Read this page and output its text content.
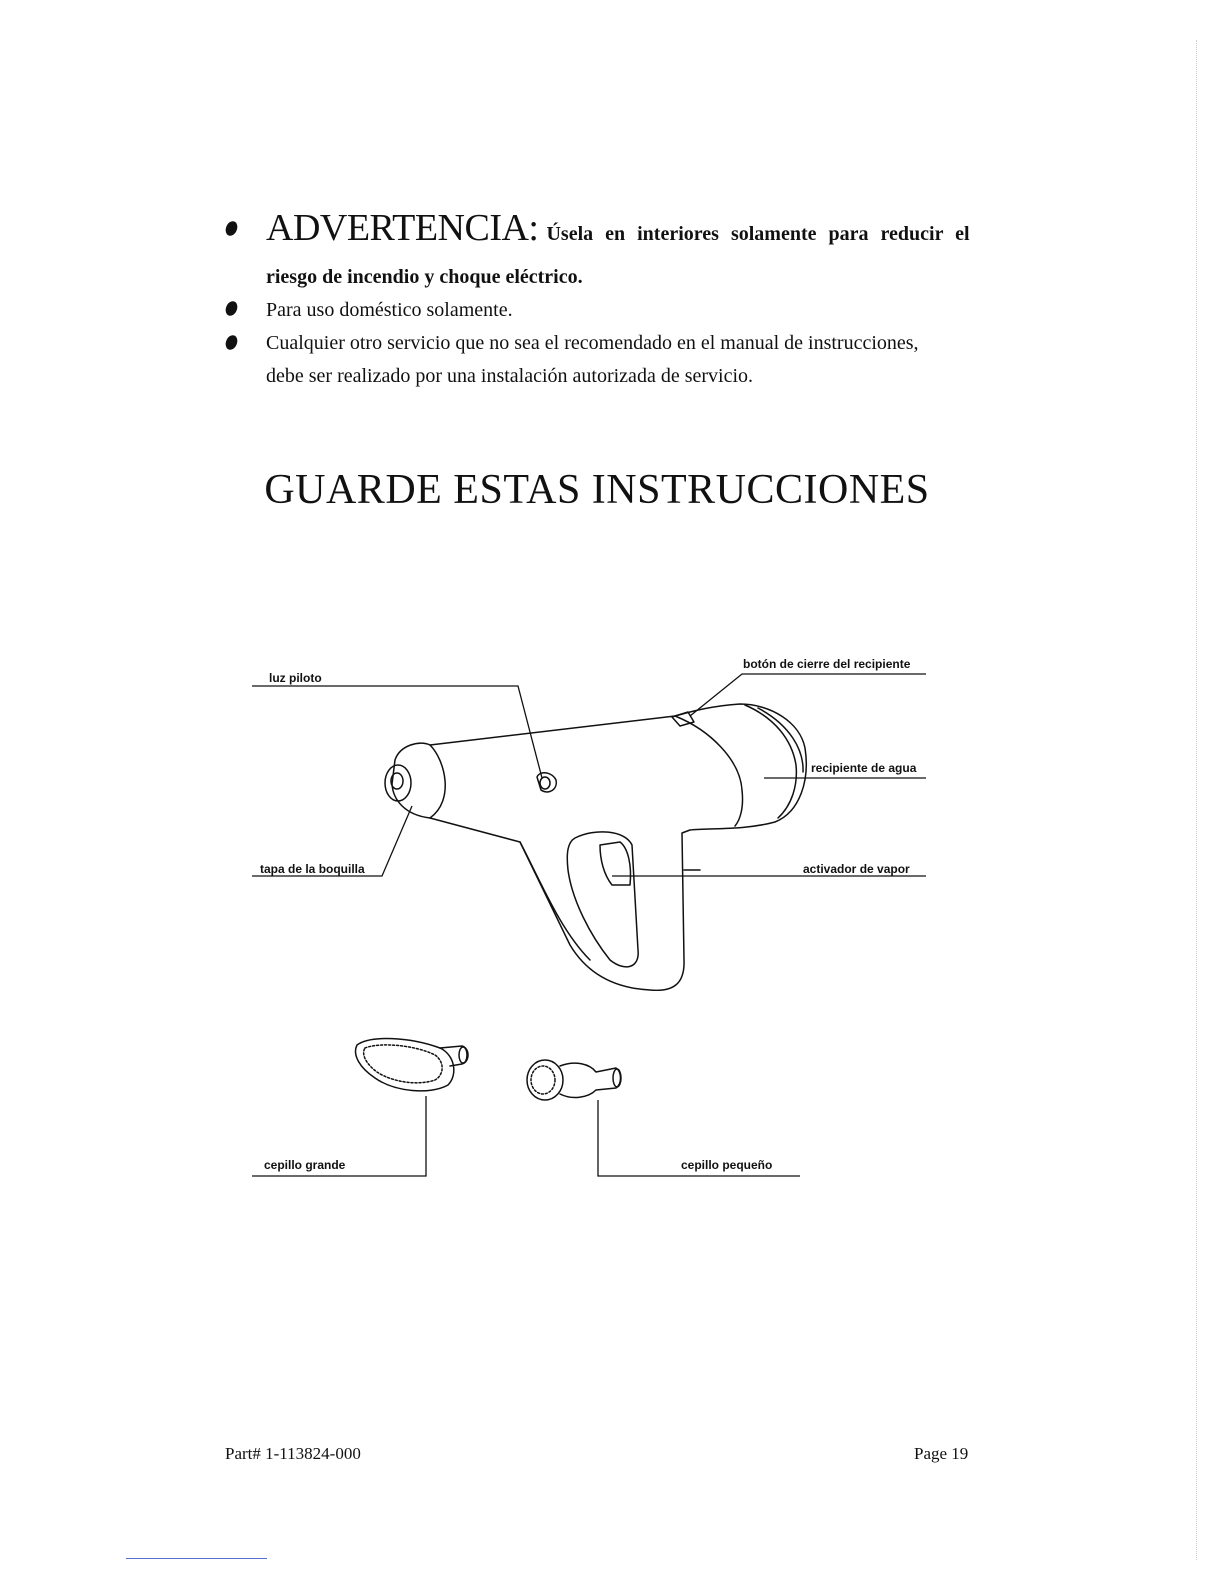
ADVERTENCIA: Úsela en interiores solamente para reducir el
riesgo de incendio y choque eléctrico.
Para uso doméstico solamente.
Cualquier otro servicio que no sea el recomendado en el manual de instrucciones,
debe ser realizado por una instalación autorizada de servicio.
GUARDE ESTAS INSTRUCCIONES
luz piloto
botón de cierre del recipiente
recipiente de agua
tapa de la boquilla	activador de vapor
cepillo grande	cepillo pequeño
Part# 1-113824-000	Page 19
